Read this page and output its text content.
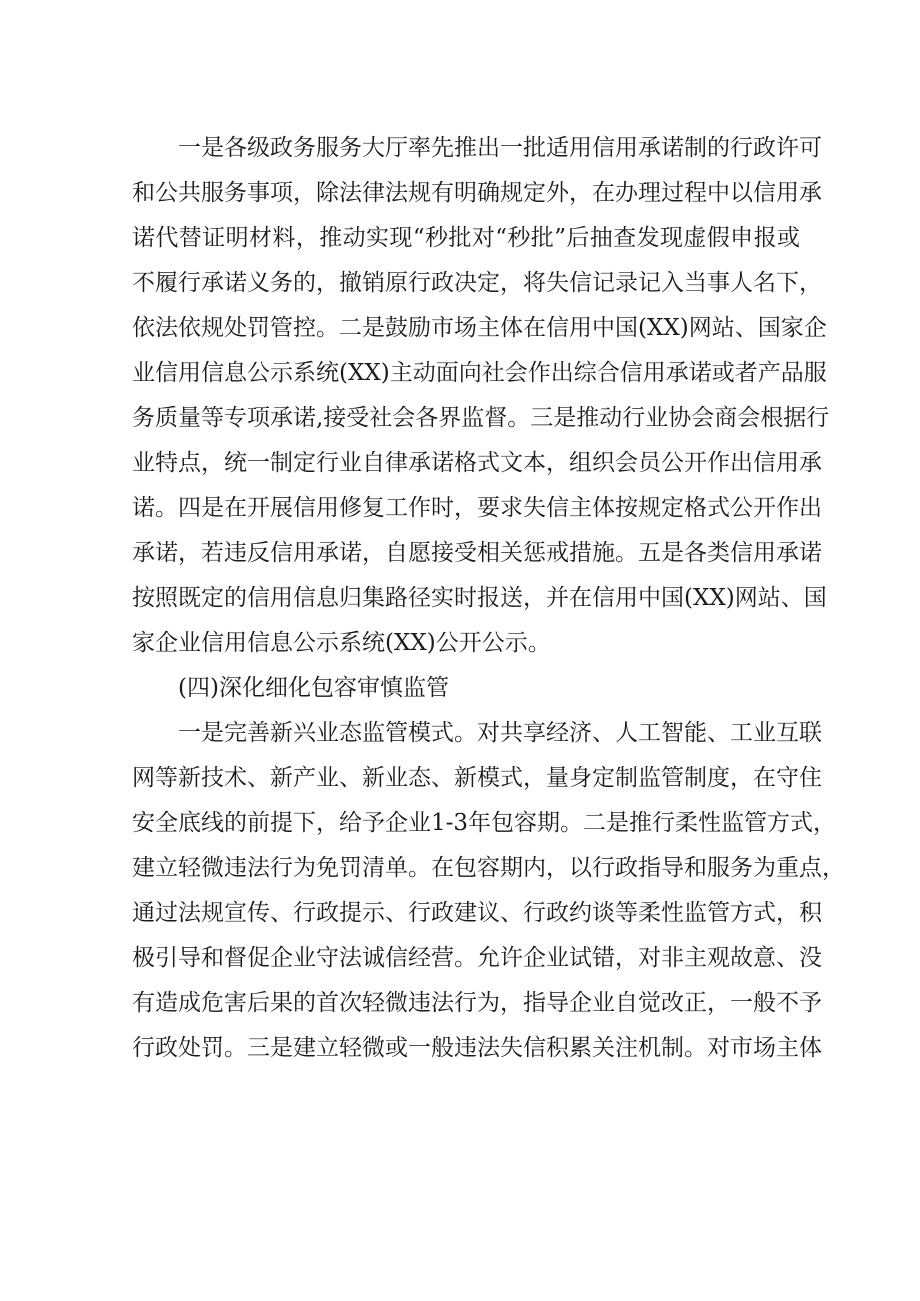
一是各级政务服务大厅率先推出一批适用信用承诺制的行政许可

和公共服务事项，除法律法规有明确规定外，在办理过程中以信用承

诺代替证明材料，推动实现“秒批对“秒批”后抽查发现虚假申报或

不履行承诺义务的，撤销原行政决定，将失信记录记入当事人名下，

依法依规处罚管控。二是鼓励市场主体在信用中国(XX)网站、国家企

业信用信息公示系统(XX)主动面向社会作出综合信用承诺或者产品服

务质量等专项承诺,接受社会各界监督。三是推动行业协会商会根据行

业特点，统一制定行业自律承诺格式文本，组织会员公开作出信用承

诺。四是在开展信用修复工作时，要求失信主体按规定格式公开作出

承诺，若违反信用承诺，自愿接受相关惩戒措施。五是各类信用承诺

按照既定的信用信息归集路径实时报送，并在信用中国(XX)网站、国

家企业信用信息公示系统(XX)公开公示。

(四)深化细化包容审慎监管

一是完善新兴业态监管模式。对共享经济、人工智能、工业互联

网等新技术、新产业、新业态、新模式，量身定制监管制度，在守住

安全底线的前提下，给予企业1-3年包容期。二是推行柔性监管方式，

建立轻微违法行为免罚清单。在包容期内，以行政指导和服务为重点，

通过法规宣传、行政提示、行政建议、行政约谈等柔性监管方式，积

极引导和督促企业守法诚信经营。允许企业试错，对非主观故意、没

有造成危害后果的首次轻微违法行为，指导企业自觉改正，一般不予

行政处罚。三是建立轻微或一般违法失信积累关注机制。对市场主体
